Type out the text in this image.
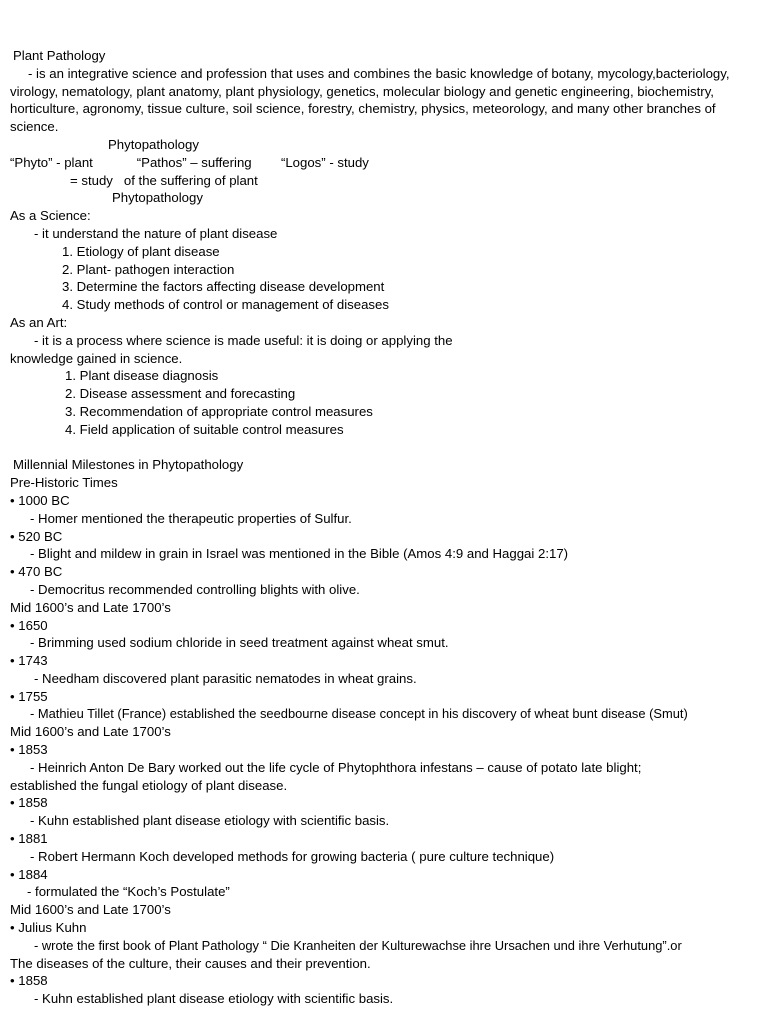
Plant Pathology
- is an integrative science and profession that uses and combines the basic knowledge of botany, mycology,bacteriology, virology, nematology, plant anatomy, plant physiology, genetics, molecular biology and genetic engineering, biochemistry, horticulture, agronomy, tissue culture, soil science, forestry, chemistry, physics, meteorology, and many other branches of science.
Phytopathology
“Phyto” - plant            “Pathos” – suffering        “Logos” - study
= study   of the suffering of plant
Phytopathology
As a Science:
- it understand the nature of plant disease
1. Etiology of plant disease
2. Plant- pathogen interaction
3. Determine the factors affecting disease development
4. Study methods of control or management of diseases
As an Art:
- it is a process where science is made useful: it is doing or applying the
knowledge gained in science.
1. Plant disease diagnosis
2. Disease assessment and forecasting
3. Recommendation of appropriate control measures
4. Field application of suitable control measures
Millennial Milestones in Phytopathology
Pre-Historic Times
• 1000 BC
- Homer mentioned the therapeutic properties of Sulfur.
• 520 BC
- Blight and mildew in grain in Israel was mentioned in the Bible (Amos 4:9 and Haggai 2:17)
• 470 BC
- Democritus recommended controlling blights with olive.
Mid 1600’s and Late 1700’s
• 1650
- Brimming used sodium chloride in seed treatment against wheat smut.
• 1743
- Needham discovered plant parasitic nematodes in wheat grains.
• 1755
- Mathieu Tillet (France) established the seedbourne disease concept in his discovery of wheat bunt disease (Smut)
Mid 1600’s and Late 1700’s
• 1853
- Heinrich Anton De Bary worked out the life cycle of Phytophthora infestans – cause of potato late blight;
established the fungal etiology of plant disease.
• 1858
- Kuhn established plant disease etiology with scientific basis.
• 1881
- Robert Hermann Koch developed methods for growing bacteria ( pure culture technique)
• 1884
- formulated the “Koch’s Postulate”
Mid 1600’s and Late 1700’s
• Julius Kuhn
- wrote the first book of Plant Pathology “ Die Kranheiten der Kulturewachse ihre Ursachen und ihre Verhutung”.or
The diseases of the culture, their causes and their prevention.
• 1858
- Kuhn established plant disease etiology with scientific basis.
